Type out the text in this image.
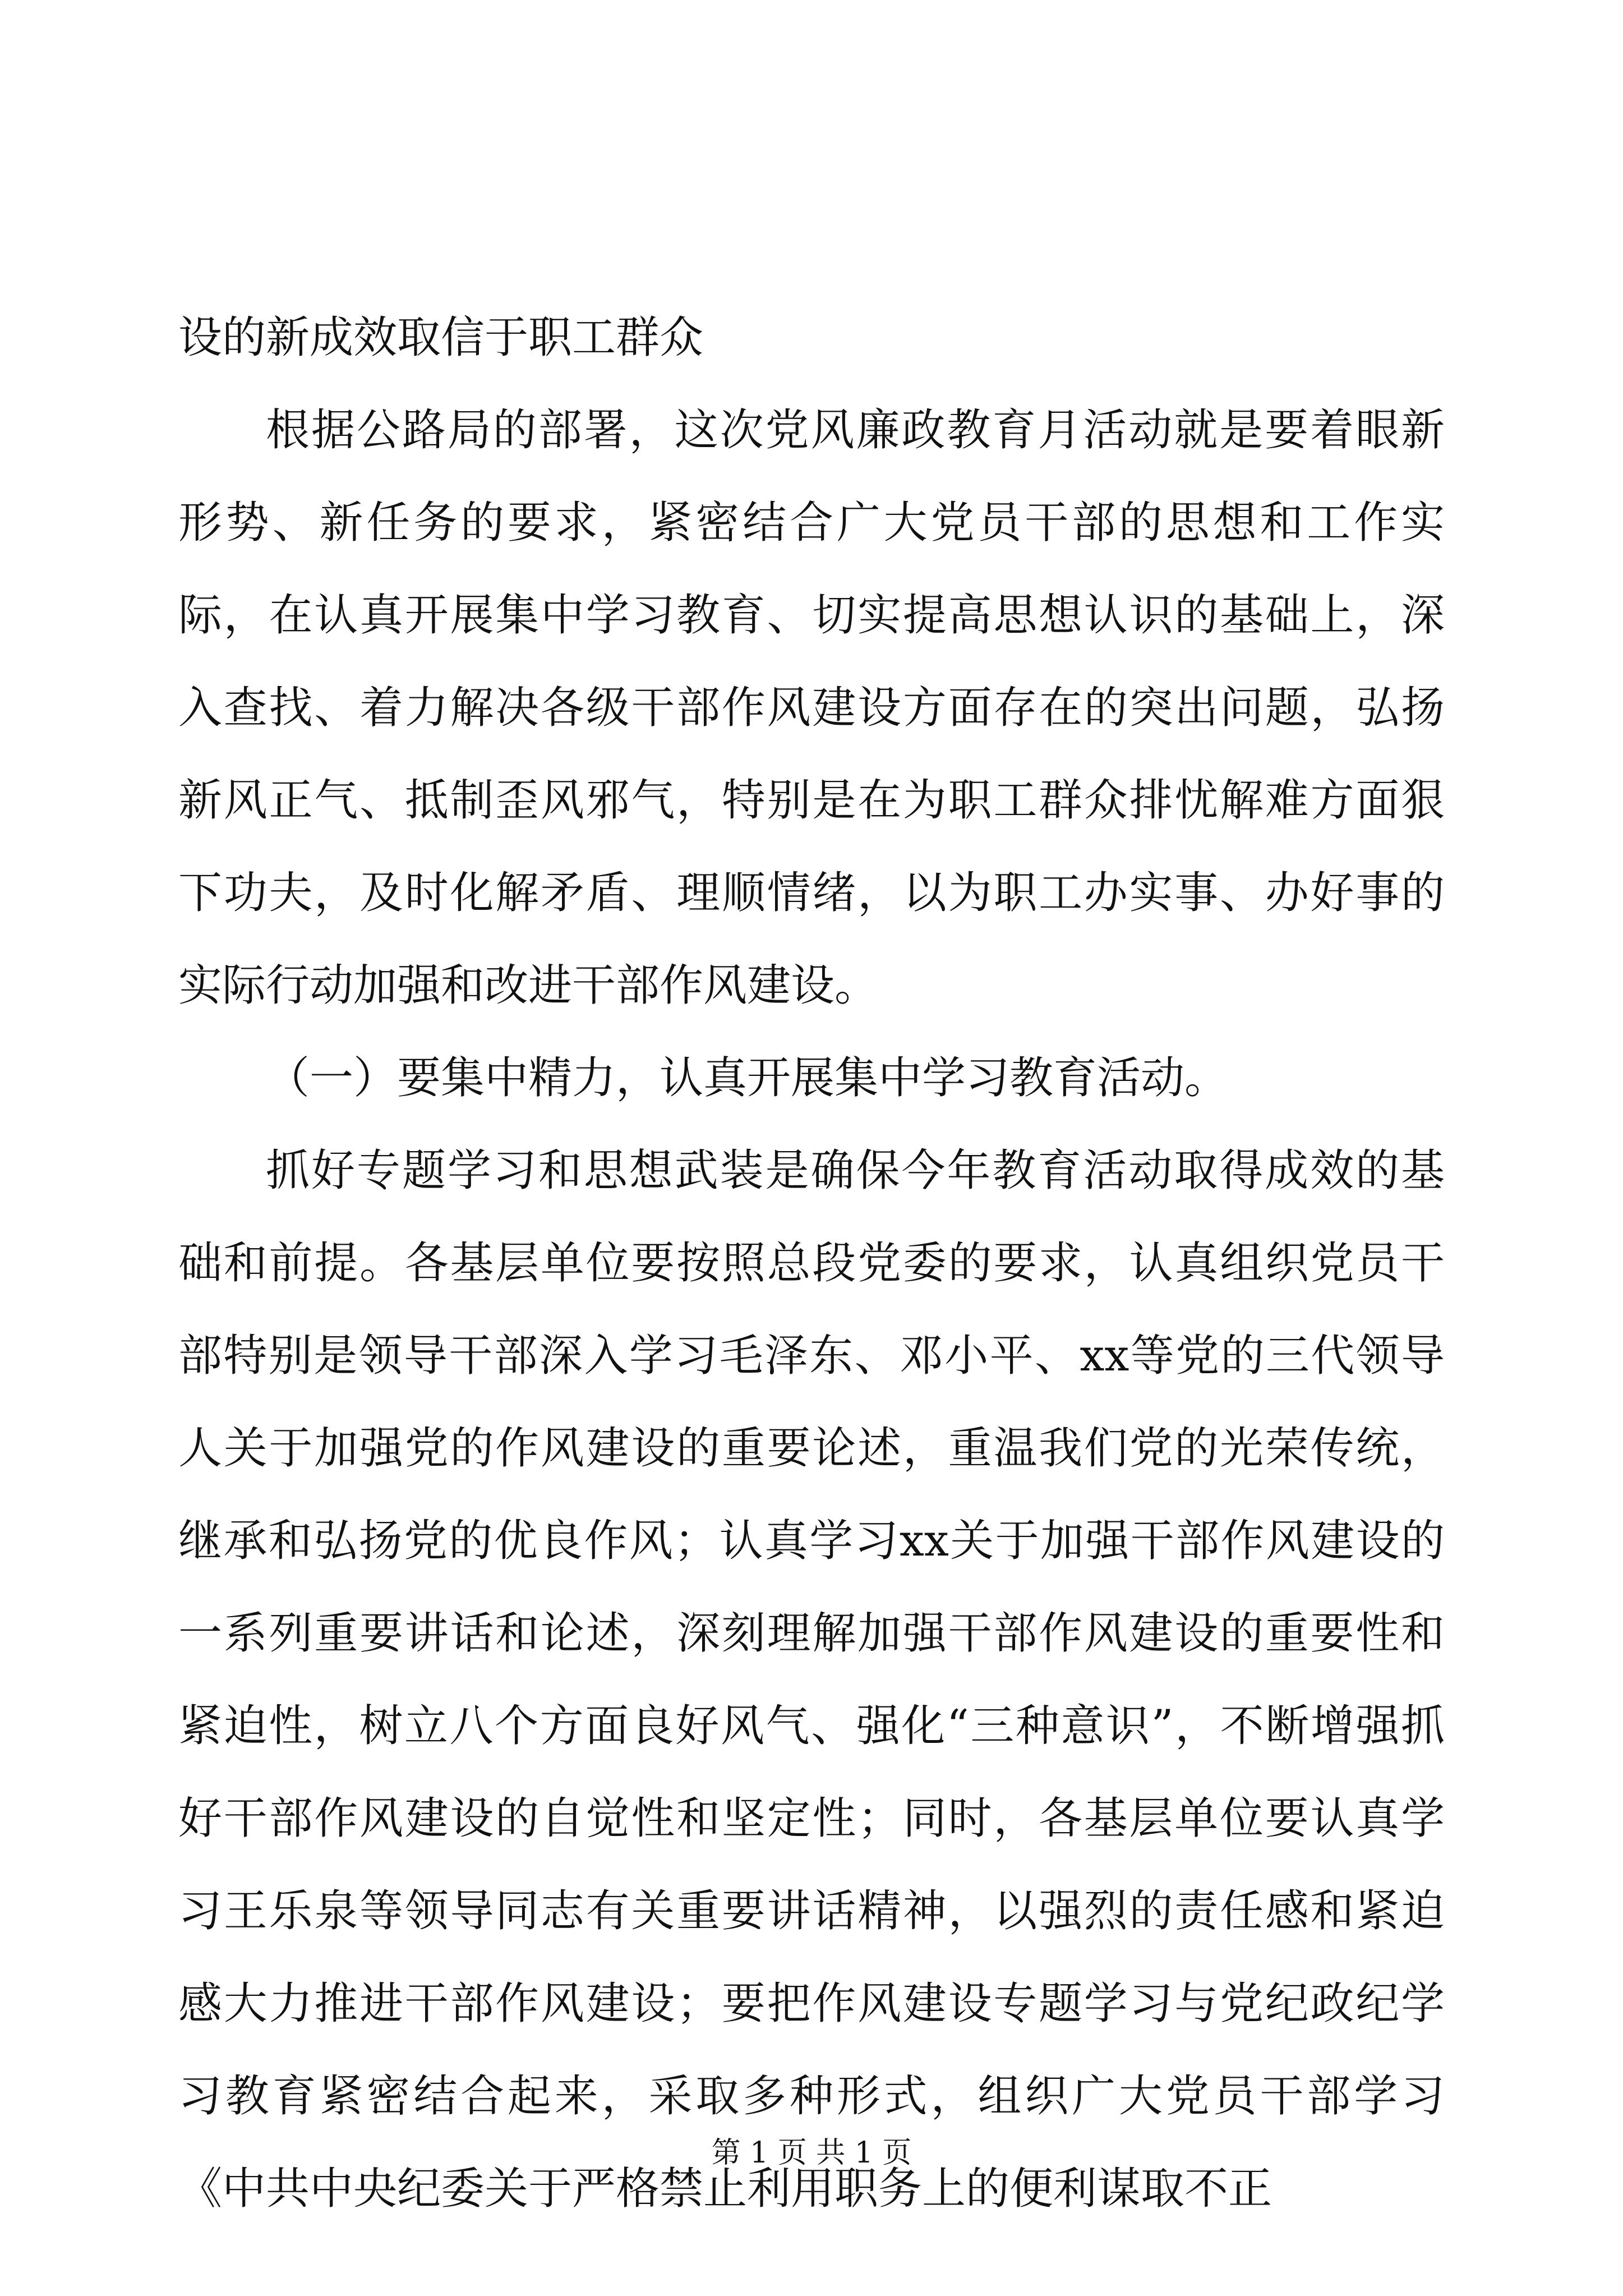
设的新成效取信于职工群众

根据公路局的部署，这次党风廉政教育月活动就是要着眼新形势、新任务的要求，紧密结合广大党员干部的思想和工作实际，在认真开展集中学习教育、切实提高思想认识的基础上，深入查找、着力解决各级干部作风建设方面存在的突出问题，弘扬新风正气、抵制歪风邪气，特别是在为职工群众排忧解难方面狠下功夫，及时化解矛盾、理顺情绪，以为职工办实事、办好事的实际行动加强和改进干部作风建设。

（一）要集中精力，认真开展集中学习教育活动。

抓好专题学习和思想武装是确保今年教育活动取得成效的基础和前提。各基层单位要按照总段党委的要求，认真组织党员干部特别是领导干部深入学习毛泽东、邓小平、xx等党的三代领导人关于加强党的作风建设的重要论述，重温我们党的光荣传统，继承和弘扬党的优良作风；认真学习xx关于加强干部作风建设的一系列重要讲话和论述，深刻理解加强干部作风建设的重要性和紧迫性，树立八个方面良好风气、强化“三种意识”，不断增强抓好干部作风建设的自觉性和坚定性；同时，各基层单位要认真学习王乐泉等领导同志有关重要讲话精神，以强烈的责任感和紧迫感大力推进干部作风建设；要把作风建设专题学习与党纪政纪学习教育紧密结合起来，采取多种形式，组织广大党员干部学习《中共中央纪委关于严格禁止利用职务上的便利谋取不正

第 1 页 共 1 页
